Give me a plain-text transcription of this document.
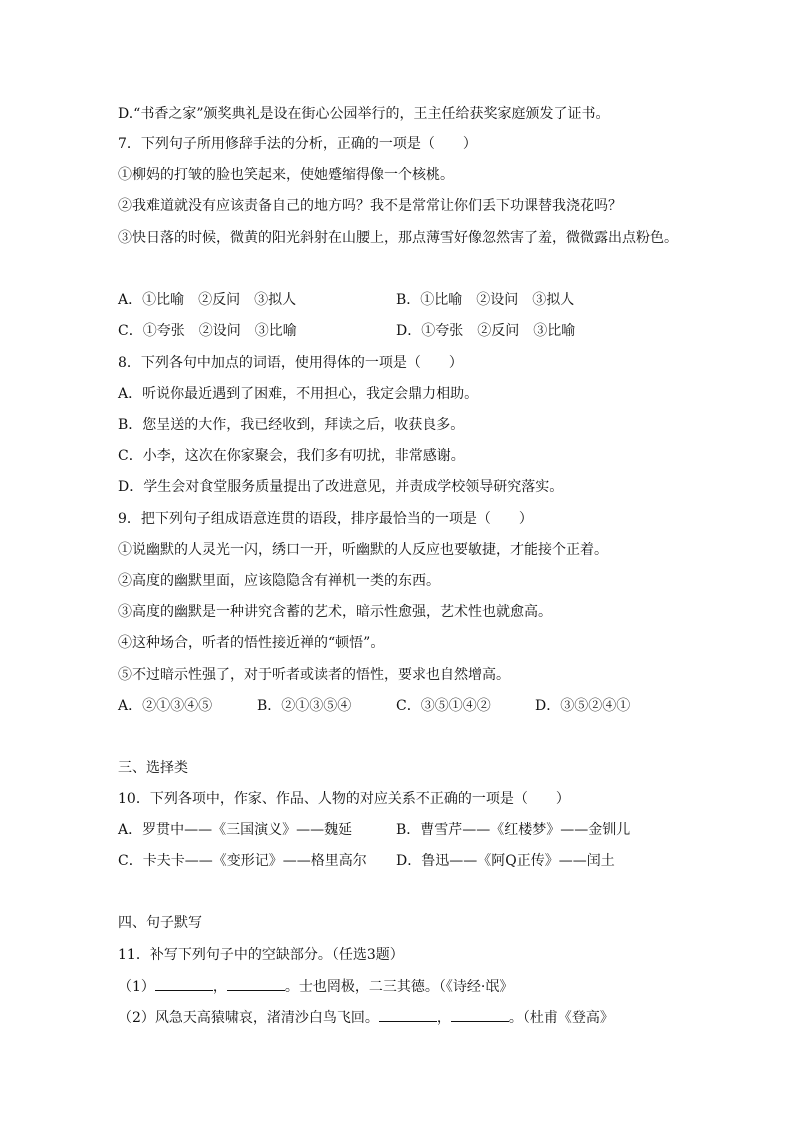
D.“书香之家”颁奖典礼是设在街心公园举行的，王主任给获奖家庭颁发了证书。
7．下列句子所用修辞手法的分析，正确的一项是（　　）
①柳妈的打皱的脸也笑起来，使她蹙缩得像一个核桃。
②我难道就没有应该责备自己的地方吗？我不是常常让你们丢下功课替我浇花吗？
③快日落的时候，微黄的阳光斜射在山腰上，那点薄雪好像忽然害了羞，微微露出点粉色。
A．①比喻　②反问　③拟人	B．①比喻　②设问　③拟人
C．①夸张　②设问　③比喻	D．①夸张　②反问　③比喻
8．下列各句中加点的词语，使用得体的一项是（　　）
A．听说你最近遇到了困难，不用担心，我定会鼎力相助。
B．您呈送的大作，我已经收到，拜读之后，收获良多。
C．小李，这次在你家聚会，我们多有叨扰，非常感谢。
D．学生会对食堂服务质量提出了改进意见，并责成学校领导研究落实。
9．把下列句子组成语意连贯的语段，排序最恰当的一项是（　　）
①说幽默的人灵光一闪，绣口一开，听幽默的人反应也要敏捷，才能接个正着。
②高度的幽默里面，应该隐隐含有禅机一类的东西。
③高度的幽默是一种讲究含蓄的艺术，暗示性愈强，艺术性也就愈高。
④这种场合，听者的悟性接近禅的“顿悟”。
⑤不过暗示性强了，对于听者或读者的悟性，要求也自然增高。
A．②①③④⑤	B．②①③⑤④	C．③⑤①④②	D．③⑤②④①
三、选择类
10．下列各项中，作家、作品、人物的对应关系不正确的一项是（　　）
A．罗贯中——《三国演义》——魏延	B．曹雪芹——《红楼梦》——金钏儿
C．卡夫卡——《变形记》——格里高尔 D．鲁迅——《阿Q正传》——闰土
四、句子默写
11．补写下列句子中的空缺部分。（任选3题）
（1）	，	。士也罔极，二三其德。（《诗经·氓》
（2）风急天高猿啸哀，渚清沙白鸟飞回。	，	。（杜甫《登高》
